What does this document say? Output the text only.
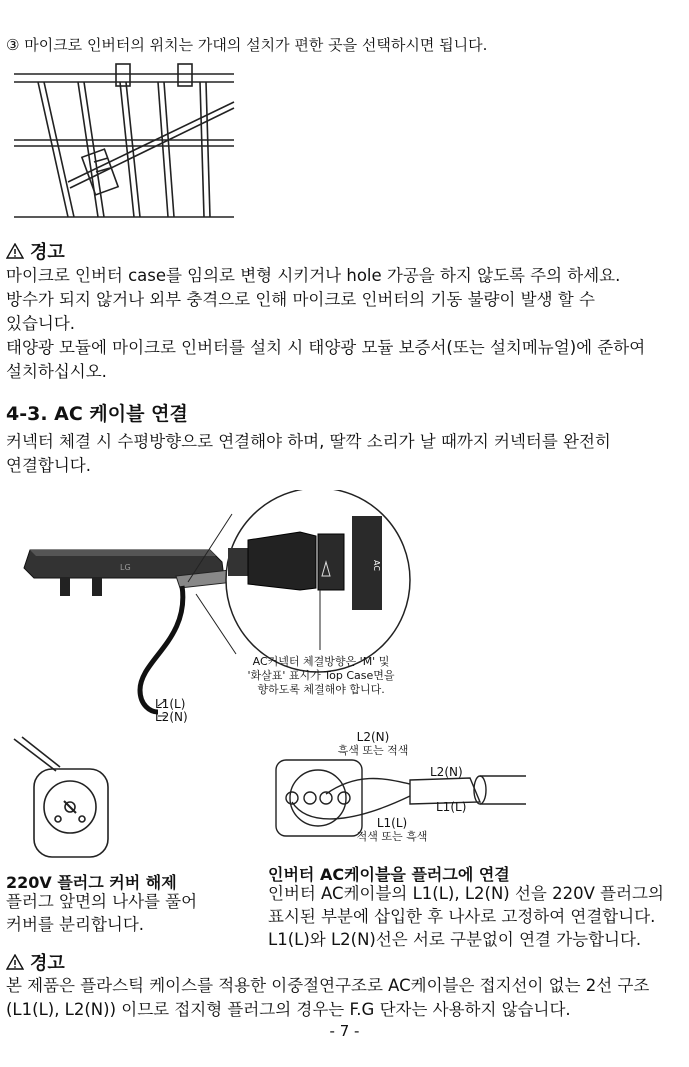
③ 마이크로 인버터의 위치는 가대의 설치가 편한 곳을 선택하시면 됩니다.
경고
마이크로 인버터 case를 임의로 변형 시키거나 hole 가공을 하지 않도록 주의 하세요.
방수가 되지 않거나 외부 충격으로 인해 마이크로 인버터의 기동 불량이 발생 할 수
있습니다.
태양광 모듈에 마이크로 인버터를 설치 시 태양광 모듈 보증서(또는 설치메뉴얼)에 준하여
설치하십시오.
4-3. AC 케이블 연결
커넥터 체결 시 수평방향으로 연결해야 하며, 딸깍 소리가 날 때까지 커넥터를 완전히
연결합니다.
LG	AC
AC커넥터 체결방향은 'M' 및
'화살표' 표시가 Top Case면을
향하도록 체결해야 합니다.
L1(L)
L2(N)
L2(N)
흑색 또는 적색
L2(N)
L1(L)
L1(L)
적색 또는 흑색
220V 플러그 커버 해제
플러그 앞면의 나사를 풀어
커버를 분리합니다.
인버터 AC케이블을 플러그에 연결
인버터 AC케이블의 L1(L), L2(N) 선을 220V 플러그의
표시된 부분에 삽입한 후 나사로 고정하여 연결합니다.
L1(L)와 L2(N)선은 서로 구분없이 연결 가능합니다.
경고
본 제품은 플라스틱 케이스를 적용한 이중절연구조로 AC케이블은 접지선이 없는 2선 구조
(L1(L), L2(N)) 이므로 접지형 플러그의 경우는 F.G 단자는 사용하지 않습니다.
- 7 -
